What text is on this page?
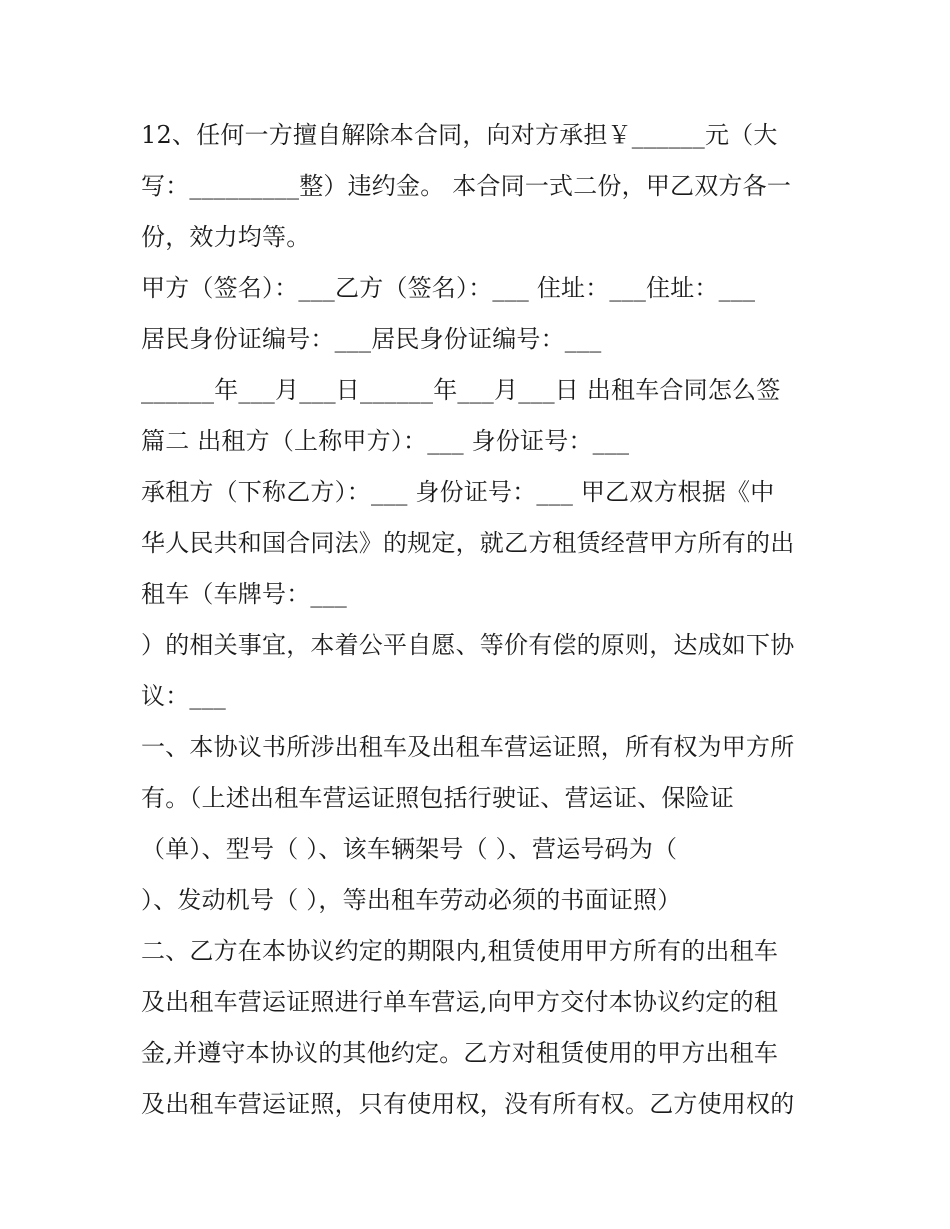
12、任何一方擅自解除本合同，向对方承担￥______元（大
写：_________整）违约金。 本合同一式二份，甲乙双方各一
份，效力均等。
甲方（签名）：___乙方（签名）：___ 住址：___住址：___
居民身份证编号：___居民身份证编号：___
______年___月___日______年___月___日 出租车合同怎么签
篇二 出租方（上称甲方）：___ 身份证号：___
承租方（下称乙方）：___ 身份证号：___ 甲乙双方根据《中
华人民共和国合同法》的规定，就乙方租赁经营甲方所有的出
租车（车牌号：___
）的相关事宜，本着公平自愿、等价有偿的原则，达成如下协
议：___
一、本协议书所涉出租车及出租车营运证照，所有权为甲方所
有。（上述出租车营运证照包括行驶证、营运证、保险证
（单）、型号（ ）、该车辆架号（ ）、营运号码为（
）、发动机号（ ），等出租车劳动必须的书面证照）
二、乙方在本协议约定的期限内,租赁使用甲方所有的出租车
及出租车营运证照进行单车营运,向甲方交付本协议约定的租
金,并遵守本协议的其他约定。乙方对租赁使用的甲方出租车
及出租车营运证照，只有使用权，没有所有权。乙方使用权的
